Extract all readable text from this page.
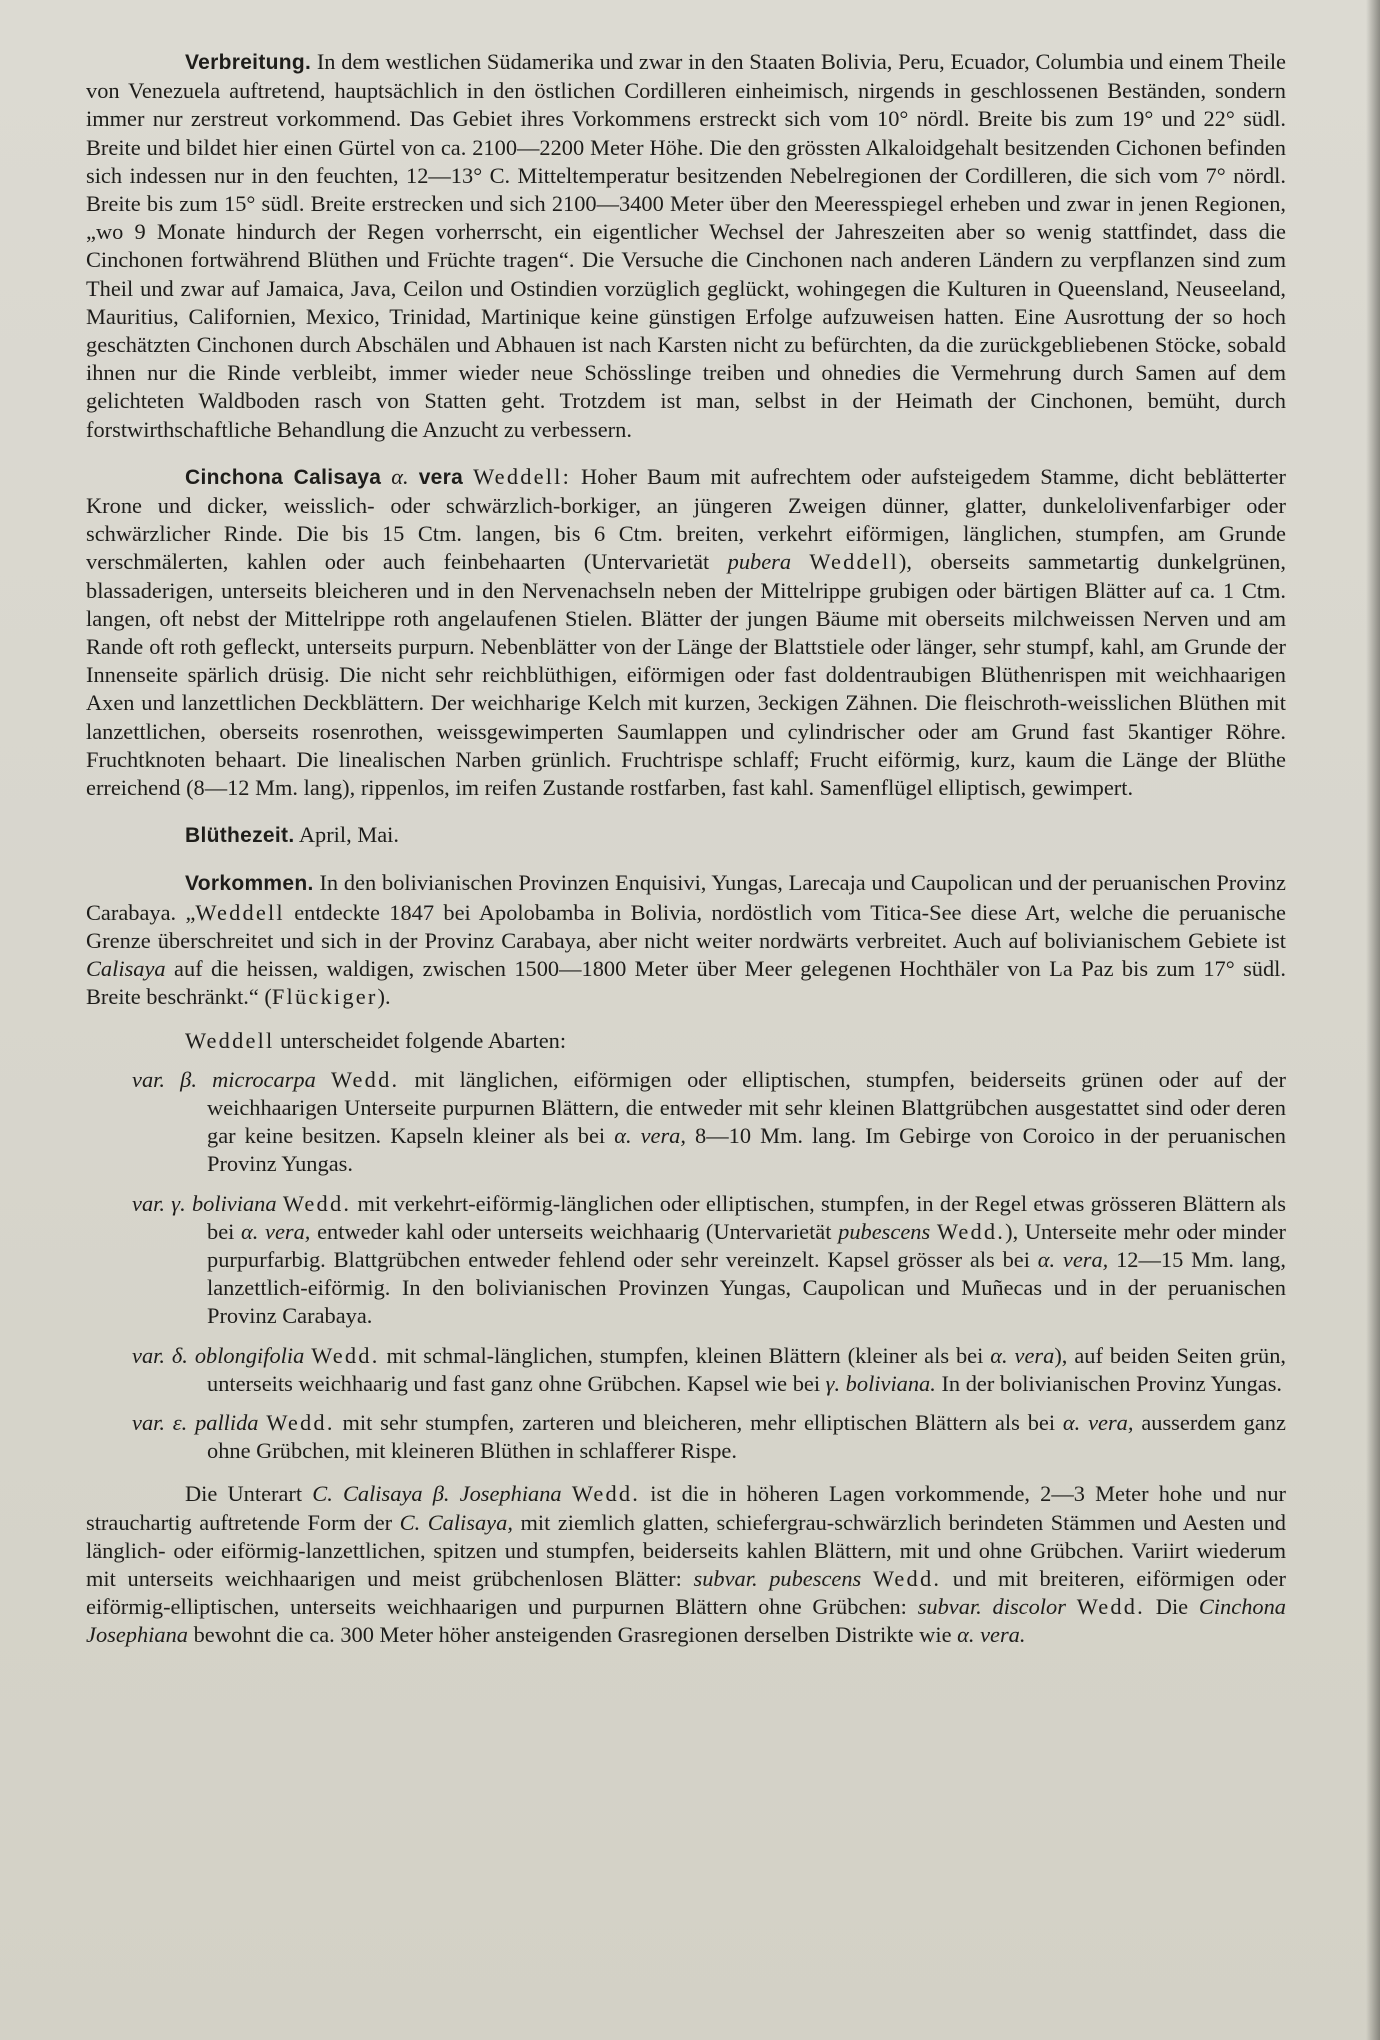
Verbreitung. In dem westlichen Südamerika und zwar in den Staaten Bolivia, Peru, Ecuador, Columbia und einem Theile von Venezuela auftretend, hauptsächlich in den östlichen Cordilleren einheimisch, nirgends in geschlossenen Beständen, sondern immer nur zerstreut vorkommend. Das Gebiet ihres Vorkommens erstreckt sich vom 10° nördl. Breite bis zum 19° und 22° südl. Breite und bildet hier einen Gürtel von ca. 2100—2200 Meter Höhe. Die den grössten Alkaloidgehalt besitzenden Cichonen befinden sich indessen nur in den feuchten, 12—13° C. Mitteltemperatur besitzenden Nebelregionen der Cordilleren, die sich vom 7° nördl. Breite bis zum 15° südl. Breite erstrecken und sich 2100—3400 Meter über den Meeresspiegel erheben und zwar in jenen Regionen, „wo 9 Monate hindurch der Regen vorherrscht, ein eigentlicher Wechsel der Jahreszeiten aber so wenig stattfindet, dass die Cinchonen fortwährend Blüthen und Früchte tragen“. Die Versuche die Cinchonen nach anderen Ländern zu verpflanzen sind zum Theil und zwar auf Jamaica, Java, Ceilon und Ostindien vorzüglich geglückt, wohingegen die Kulturen in Queensland, Neuseeland, Mauritius, Californien, Mexico, Trinidad, Martinique keine günstigen Erfolge aufzuweisen hatten. Eine Ausrottung der so hoch geschätzten Cinchonen durch Abschälen und Abhauen ist nach Karsten nicht zu befürchten, da die zurückgebliebenen Stöcke, sobald ihnen nur die Rinde verbleibt, immer wieder neue Schösslinge treiben und ohnedies die Vermehrung durch Samen auf dem gelichteten Waldboden rasch von Statten geht. Trotzdem ist man, selbst in der Heimath der Cinchonen, bemüht, durch forstwirthschaftliche Behandlung die Anzucht zu verbessern.

Cinchona Calisaya α. vera Weddell: Hoher Baum mit aufrechtem oder aufsteigedem Stamme, dicht beblätterter Krone und dicker, weisslich- oder schwärzlich-borkiger, an jüngeren Zweigen dünner, glatter, dunkelolivenfarbiger oder schwärzlicher Rinde. Die bis 15 Ctm. langen, bis 6 Ctm. breiten, verkehrt eiförmigen, länglichen, stumpfen, am Grunde verschmälerten, kahlen oder auch feinbehaarten (Untervarietät pubera Weddell), oberseits sammetartig dunkelgrünen, blassaderigen, unterseits bleicheren und in den Nervenachseln neben der Mittelrippe grubigen oder bärtigen Blätter auf ca. 1 Ctm. langen, oft nebst der Mittelrippe roth angelaufenen Stielen. Blätter der jungen Bäume mit oberseits milchweissen Nerven und am Rande oft roth gefleckt, unterseits purpurn. Nebenblätter von der Länge der Blattstiele oder länger, sehr stumpf, kahl, am Grunde der Innenseite spärlich drüsig. Die nicht sehr reichblüthigen, eiförmigen oder fast doldentraubigen Blüthenrispen mit weichhaarigen Axen und lanzettlichen Deckblättern. Der weichharige Kelch mit kurzen, 3eckigen Zähnen. Die fleischroth-weisslichen Blüthen mit lanzettlichen, oberseits rosenrothen, weissgewimperten Saumlappen und cylindrischer oder am Grund fast 5kantiger Röhre. Fruchtknoten behaart. Die linealischen Narben grünlich. Fruchtrispe schlaff; Frucht eiförmig, kurz, kaum die Länge der Blüthe erreichend (8—12 Mm. lang), rippenlos, im reifen Zustande rostfarben, fast kahl. Samenflügel elliptisch, gewimpert.

Blüthezeit. April, Mai.

Vorkommen. In den bolivianischen Provinzen Enquisivi, Yungas, Larecaja und Caupolican und der peruanischen Provinz Carabaya. „Weddell entdeckte 1847 bei Apolobamba in Bolivia, nordöstlich vom Titica-See diese Art, welche die peruanische Grenze überschreitet und sich in der Provinz Carabaya, aber nicht weiter nordwärts verbreitet. Auch auf bolivianischem Gebiete ist Calisaya auf die heissen, waldigen, zwischen 1500—1800 Meter über Meer gelegenen Hochthäler von La Paz bis zum 17° südl. Breite beschränkt.“ (Flückiger).

Weddell unterscheidet folgende Abarten:

var. β. microcarpa Wedd. mit länglichen, eiförmigen oder elliptischen, stumpfen, beiderseits grünen oder auf der weichhaarigen Unterseite purpurnen Blättern, die entweder mit sehr kleinen Blattgrübchen ausgestattet sind oder deren gar keine besitzen. Kapseln kleiner als bei α. vera, 8—10 Mm. lang. Im Gebirge von Coroico in der peruanischen Provinz Yungas.

var. γ. boliviana Wedd. mit verkehrt-eiförmig-länglichen oder elliptischen, stumpfen, in der Regel etwas grösseren Blättern als bei α. vera, entweder kahl oder unterseits weichhaarig (Untervarietät pubescens Wedd.), Unterseite mehr oder minder purpurfarbig. Blattgrübchen entweder fehlend oder sehr vereinzelt. Kapsel grösser als bei α. vera, 12—15 Mm. lang, lanzettlich-eiförmig. In den bolivianischen Provinzen Yungas, Caupolican und Muñecas und in der peruanischen Provinz Carabaya.

var. δ. oblongifolia Wedd. mit schmal-länglichen, stumpfen, kleinen Blättern (kleiner als bei α. vera), auf beiden Seiten grün, unterseits weichhaarig und fast ganz ohne Grübchen. Kapsel wie bei γ. boliviana. In der bolivianischen Provinz Yungas.

var. ε. pallida Wedd. mit sehr stumpfen, zarteren und bleicheren, mehr elliptischen Blättern als bei α. vera, ausserdem ganz ohne Grübchen, mit kleineren Blüthen in schlafferer Rispe.

Die Unterart C. Calisaya β. Josephiana Wedd. ist die in höheren Lagen vorkommende, 2—3 Meter hohe und nur strauchartig auftretende Form der C. Calisaya, mit ziemlich glatten, schiefergrau-schwärzlich berindeten Stämmen und Aesten und länglich- oder eiförmig-lanzettlichen, spitzen und stumpfen, beiderseits kahlen Blättern, mit und ohne Grübchen. Variirt wiederum mit unterseits weichhaarigen und meist grübchenlosen Blätter: subvar. pubescens Wedd. und mit breiteren, eiförmigen oder eiförmig-elliptischen, unterseits weichhaarigen und purpurnen Blättern ohne Grübchen: subvar. discolor Wedd. Die Cinchona Josephiana bewohnt die ca. 300 Meter höher ansteigenden Grasregionen derselben Distrikte wie α. vera.
